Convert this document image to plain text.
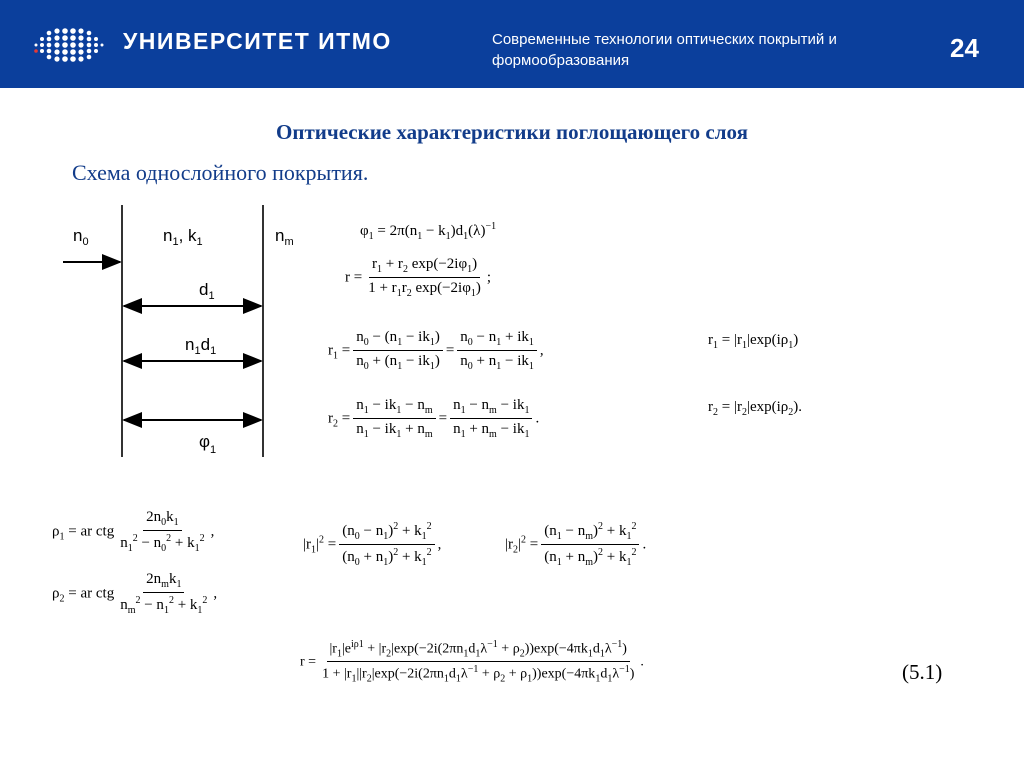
УНИВЕРСИТЕТ ИТМО	Современные технологии оптических покрытий и формообразования	24
Оптические характеристики поглощающего слоя
Схема однослойного покрытия.
$n_0$	$n_1$, $k_1$	$n_m$
$d_1$
$n_1d_1$
$\varphi_1$
$\varphi_1 = 2\pi(n_1 - k_1)d_1(\lambda)^{-1}$
$r = \frac{r_1 + r_2 \exp(-2i\varphi_1)}{1 + r_1r_2 \exp(-2i\varphi_1)}$ ;
$r_1 = \frac{n_0 - (n_1 - ik_1)}{n_0 + (n_1 - ik_1)} = \frac{n_0 - n_1 + ik_1}{n_0 + n_1 - ik_1}$ ,
$r_2 = \frac{n_1 - ik_1 - n_m}{n_1 - ik_1 + n_m} = \frac{n_1 - n_m - ik_1}{n_1 + n_m - ik_1}$ .
$r_1 = |r_1|\exp(i\rho_1)$
$r_2 = |r_2|\exp(i\rho_2)$.
$\rho_1$ = ar ctg $\frac{2n_0k_1}{n_1^2 - n_0^2 + k_1^2}$ ,
$\rho_2$ = ar ctg $\frac{2n_mk_1}{n_m^2 - n_1^2 + k_1^2}$ ,
$|r_1|^2 = \frac{(n_0 - n_1)^2 + k_1^2}{(n_0 + n_1)^2 + k_1^2}$ ,	$|r_2|^2 = \frac{(n_1 - n_m)^2 + k_1^2}{(n_1 + n_m)^2 + k_1^2}$ .
$r = \frac{|r_1|e^{i\rho 1} + |r_2|\exp(-2i(2\pi n_1d_1\lambda^{-1} + \rho_2))\exp(-4\pi k_1d_1\lambda^{-1})}{1 + |r_1||r_2|\exp(-2i(2\pi n_1d_1\lambda^{-1} + \rho_2 + \rho_1))\exp(-4\pi k_1d_1\lambda^{-1})}$ .	(5.1)
